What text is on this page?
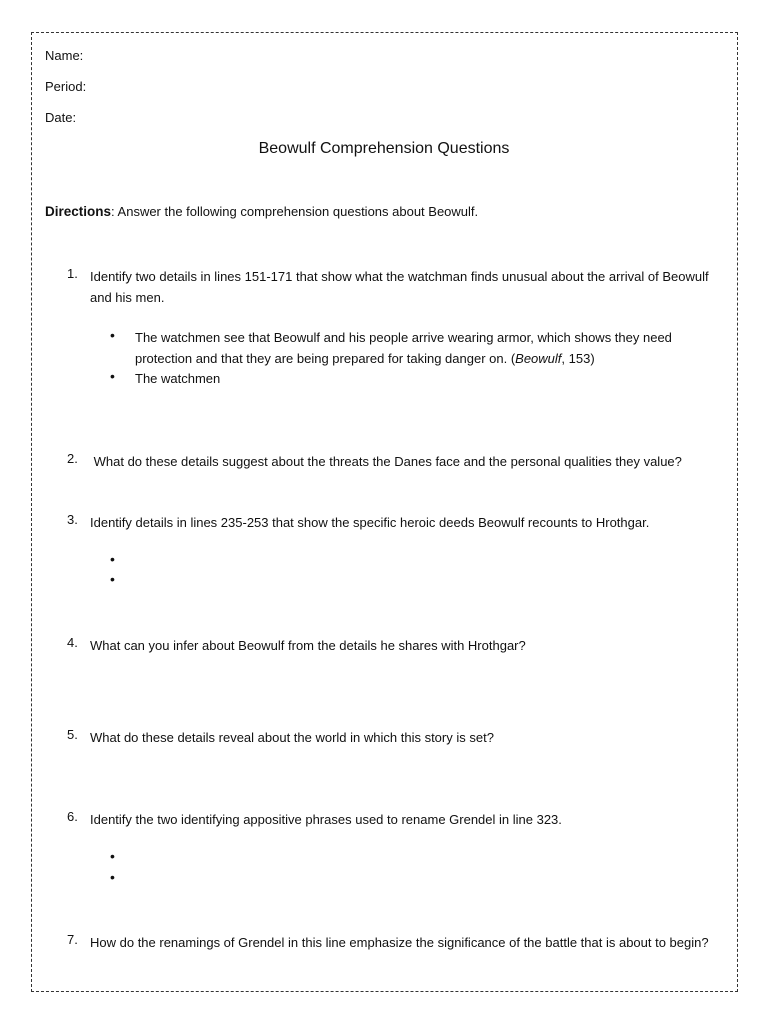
Name:
Period:
Date:
Beowulf Comprehension Questions
Directions: Answer the following comprehension questions about Beowulf.
1. Identify two details in lines 151-171 that show what the watchman finds unusual about the arrival of Beowulf and his men.
• The watchmen see that Beowulf and his people arrive wearing armor, which shows they need protection and that they are being prepared for taking danger on. (Beowulf, 153)
• The watchmen
2. What do these details suggest about the threats the Danes face and the personal qualities they value?
3. Identify details in lines 235-253 that show the specific heroic deeds Beowulf recounts to Hrothgar.
•
•
4. What can you infer about Beowulf from the details he shares with Hrothgar?
5. What do these details reveal about the world in which this story is set?
6. Identify the two identifying appositive phrases used to rename Grendel in line 323.
•
•
7. How do the renamings of Grendel in this line emphasize the significance of the battle that is about to begin?
